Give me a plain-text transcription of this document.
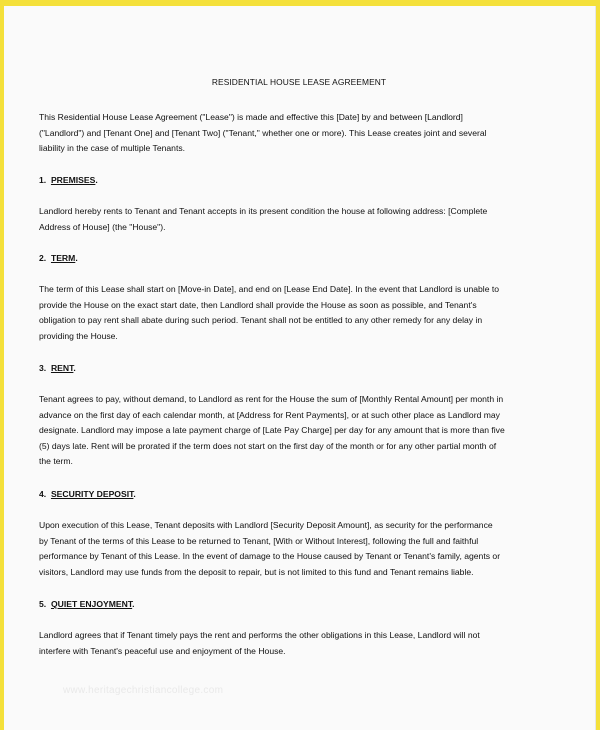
RESIDENTIAL HOUSE LEASE AGREEMENT

This Residential House Lease Agreement ("Lease") is made and effective this [Date] by and between [Landlord]

("Landlord") and [Tenant One] and [Tenant Two] ("Tenant," whether one or more). This Lease creates joint and several

liability in the case of multiple Tenants.

1. PREMISES.

Landlord hereby rents to Tenant and Tenant accepts in its present condition the house at following address: [Complete

Address of House] (the "House").

2. TERM.

The term of this Lease shall start on [Move-in Date], and end on [Lease End Date]. In the event that Landlord is unable to

provide the House on the exact start date, then Landlord shall provide the House as soon as possible, and Tenant's

obligation to pay rent shall abate during such period. Tenant shall not be entitled to any other remedy for any delay in

providing the House.

3. RENT.

Tenant agrees to pay, without demand, to Landlord as rent for the House the sum of [Monthly Rental Amount] per month in

advance on the first day of each calendar month, at [Address for Rent Payments], or at such other place as Landlord may

designate. Landlord may impose a late payment charge of [Late Pay Charge] per day for any amount that is more than five

(5) days late. Rent will be prorated if the term does not start on the first day of the month or for any other partial month of

the term.

4. SECURITY DEPOSIT.

Upon execution of this Lease, Tenant deposits with Landlord [Security Deposit Amount], as security for the performance

by Tenant of the terms of this Lease to be returned to Tenant, [With or Without Interest], following the full and faithful

performance by Tenant of this Lease. In the event of damage to the House caused by Tenant or Tenant's family, agents or

visitors, Landlord may use funds from the deposit to repair, but is not limited to this fund and Tenant remains liable.

5. QUIET ENJOYMENT.

Landlord agrees that if Tenant timely pays the rent and performs the other obligations in this Lease, Landlord will not

interfere with Tenant's peaceful use and enjoyment of the House.

www.heritagechristiancollege.com
